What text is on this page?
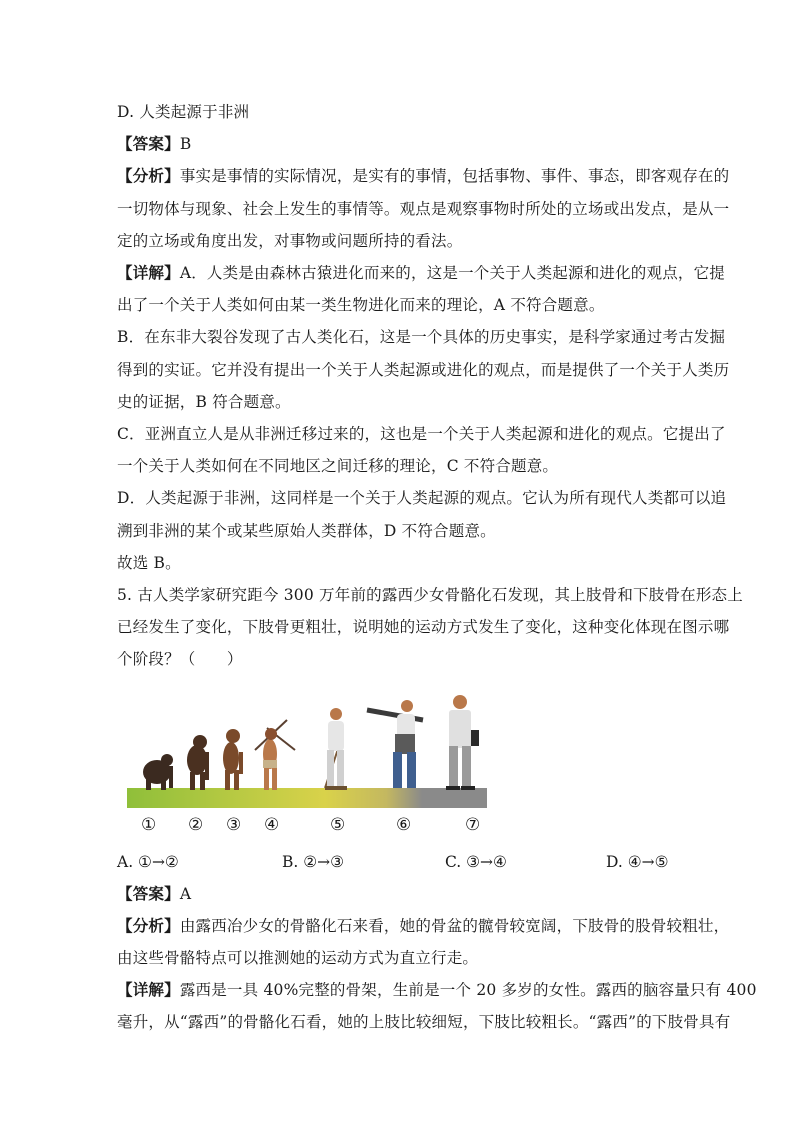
D. 人类起源于非洲

【答案】B

【分析】事实是事情的实际情况，是实有的事情，包括事物、事件、事态，即客观存在的

一切物体与现象、社会上发生的事情等。观点是观察事物时所处的立场或出发点，是从一

定的立场或角度出发，对事物或问题所持的看法。

【详解】A．人类是由森林古猿进化而来的，这是一个关于人类起源和进化的观点，它提

出了一个关于人类如何由某一类生物进化而来的理论，A 不符合题意。

B．在东非大裂谷发现了古人类化石，这是一个具体的历史事实，是科学家通过考古发掘

得到的实证。它并没有提出一个关于人类起源或进化的观点，而是提供了一个关于人类历

史的证据，B 符合题意。

C．亚洲直立人是从非洲迁移过来的，这也是一个关于人类起源和进化的观点。它提出了

一个关于人类如何在不同地区之间迁移的理论，C 不符合题意。

D．人类起源于非洲，这同样是一个关于人类起源的观点。它认为所有现代人类都可以追

溯到非洲的某个或某些原始人类群体，D 不符合题意。

故选 B。

5. 古人类学家研究距今 300 万年前的露西少女骨骼化石发现，其上肢骨和下肢骨在形态上

已经发生了变化，下肢骨更粗壮，说明她的运动方式发生了变化，这种变化体现在图示哪

个阶段？（　　）

① ② ③ ④	⑤	⑥	⑦
A. ①→②	B. ②→③	C. ③→④	D. ④→⑤

【答案】A

【分析】由露西冶少女的骨骼化石来看，她的骨盆的髋骨较宽阔，下肢骨的股骨较粗壮，

由这些骨骼特点可以推测她的运动方式为直立行走。

【详解】露西是一具 40%完整的骨架，生前是一个 20 多岁的女性。露西的脑容量只有 400

毫升，从“露西”的骨骼化石看，她的上肢比较细短，下肢比较粗长。“露西”的下肢骨具有
